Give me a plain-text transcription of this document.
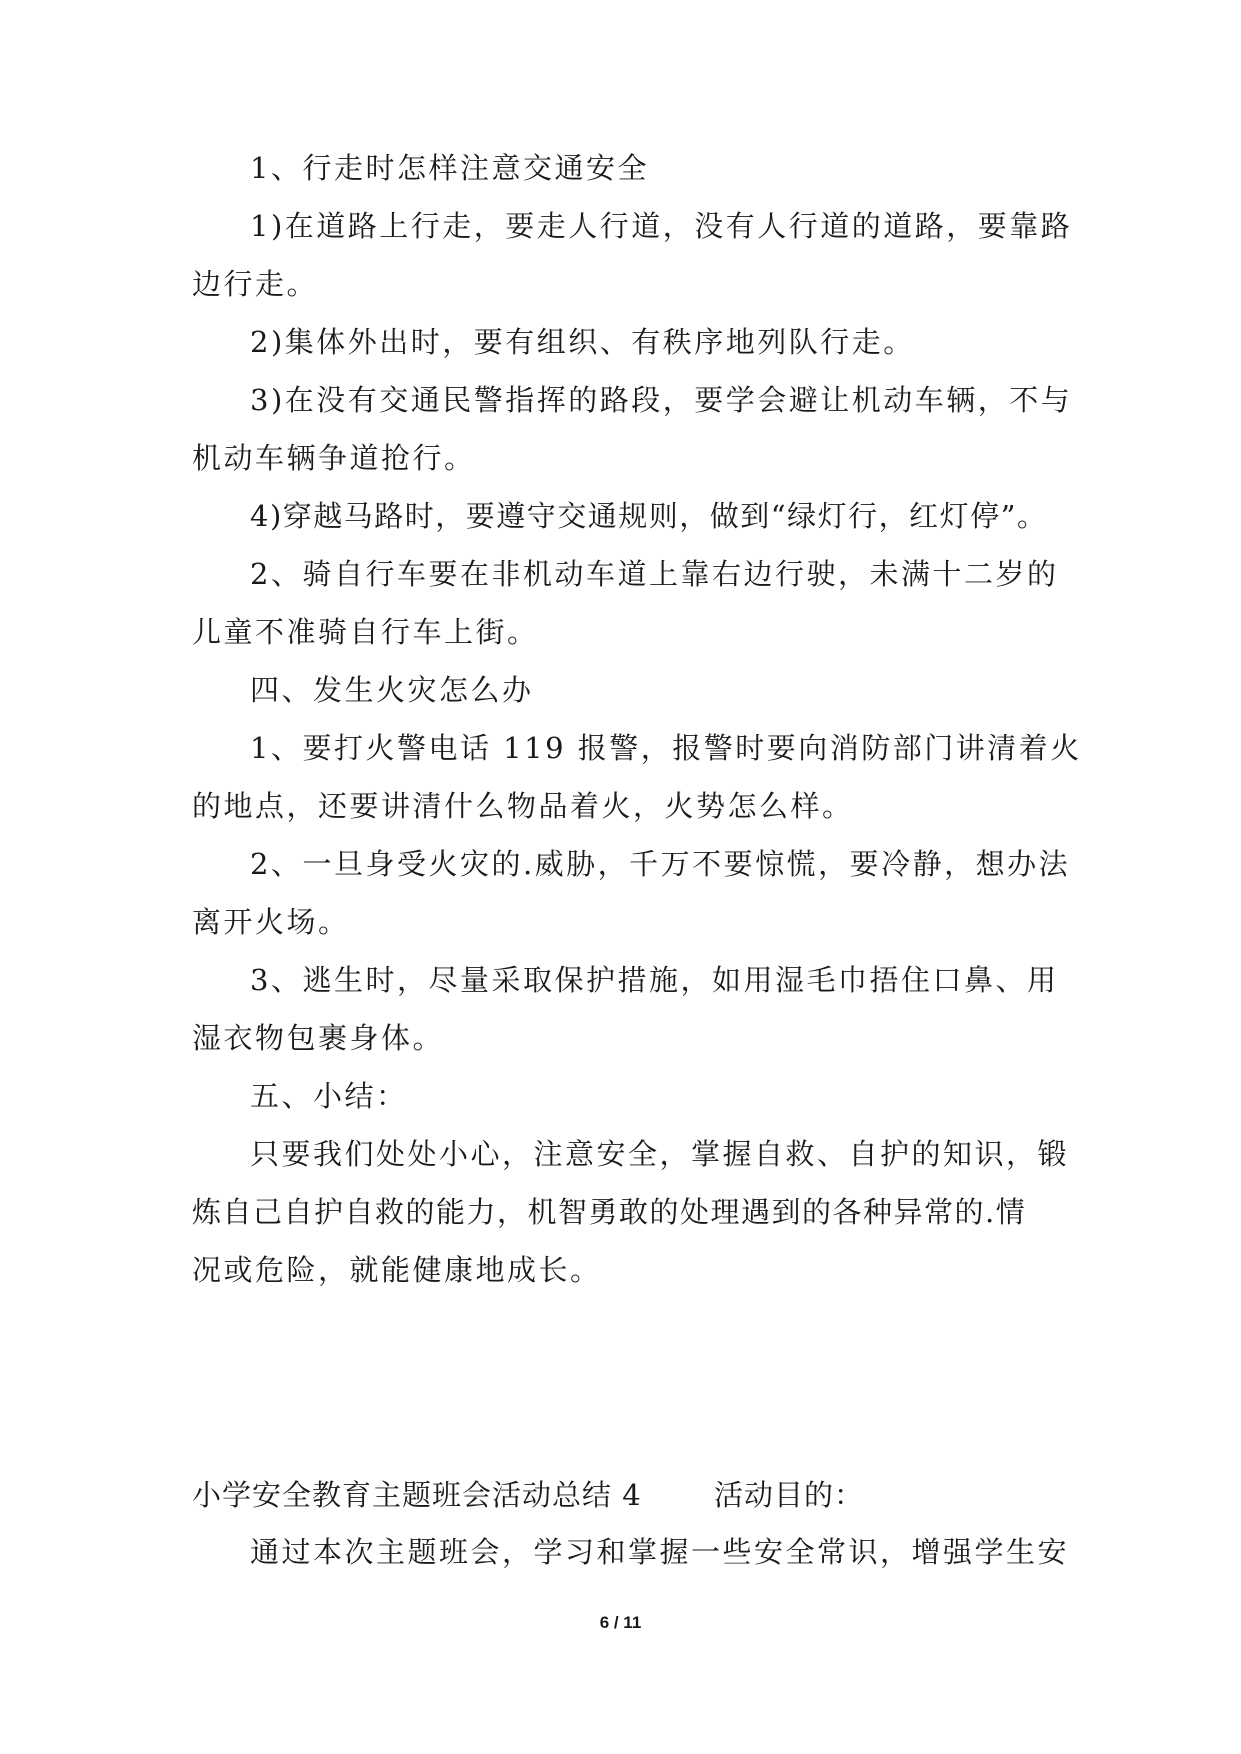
1、行走时怎样注意交通安全
1)在道路上行走，要走人行道，没有人行道的道路，要靠路
边行走。
2)集体外出时，要有组织、有秩序地列队行走。
3)在没有交通民警指挥的路段，要学会避让机动车辆，不与
机动车辆争道抢行。
4)穿越马路时，要遵守交通规则，做到“绿灯行，红灯停”。
2、骑自行车要在非机动车道上靠右边行驶，未满十二岁的
儿童不准骑自行车上街。
四、发生火灾怎么办
1、要打火警电话 119 报警，报警时要向消防部门讲清着火
的地点，还要讲清什么物品着火，火势怎么样。
2、一旦身受火灾的.威胁，千万不要惊慌，要冷静，想办法
离开火场。
3、逃生时，尽量采取保护措施，如用湿毛巾捂住口鼻、用
湿衣物包裹身体。
五、小结：
只要我们处处小心，注意安全，掌握自救、自护的知识，锻
炼自己自护自救的能力，机智勇敢的处理遇到的各种异常的.情
况或危险，就能健康地成长。
小学安全教育主题班会活动总结 4 活动目的：
通过本次主题班会，学习和掌握一些安全常识，增强学生安
6 / 11
